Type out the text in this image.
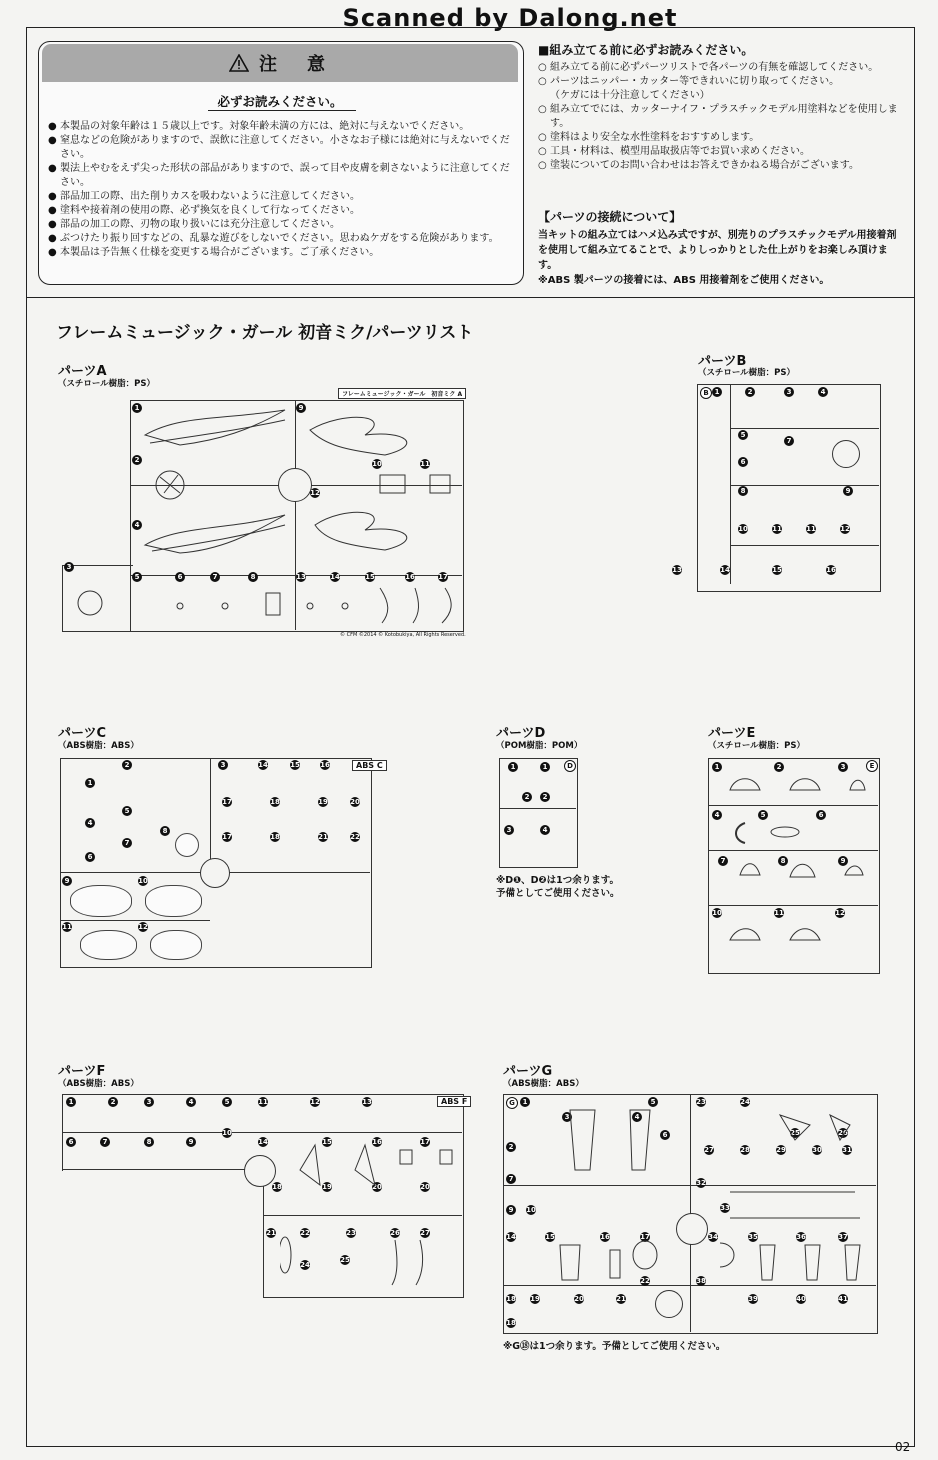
Scanned by Dalong.net
注　意
必ずお読みください。
● 本製品の対象年齢は１５歳以上です。対象年齢未満の方には、絶対に与えないでください。
● 窒息などの危険がありますので、誤飲に注意してください。小さなお子様には絶対に与えないでください。
● 製法上やむをえず尖った形状の部品がありますので、誤って目や皮膚を刺さないように注意してください。
● 部品加工の際、出た削りカスを吸わないように注意してください。
● 塗料や接着剤の使用の際、必ず換気を良くして行なってください。
● 部品の加工の際、刃物の取り扱いには充分注意してください。
● ぶつけたり振り回すなどの、乱暴な遊びをしないでください。思わぬケガをする危険があります。
● 本製品は予告無く仕様を変更する場合がございます。ご了承ください。
■組み立てる前に必ずお読みください。
○ 組み立てる前に必ずパーツリストで各パーツの有無を確認してください。
○ パーツはニッパー・カッター等できれいに切り取ってください。
（ケガには十分注意してください）
○ 組み立てでには、カッターナイフ・プラスチックモデル用塗料などを使用します。
○ 塗料はより安全な水性塗料をおすすめします。
○ 工具・材料は、模型用品取扱店等でお買い求めください。
○ 塗装についてのお問い合わせはお答えできかねる場合がございます。
【パーツの接続について】
当キットの組み立てはハメ込み式ですが、別売りのプラスチックモデル用接着剤を使用して組み立てることで、よりしっかりとした仕上がりをお楽しみ頂けます。
※ABS 製パーツの接着には、ABS 用接着剤をご使用ください。
フレームミュージック・ガール 初音ミク/パーツリスト
パーツA
（スチロール樹脂：PS）
フレームミュージック・ガール　初音ミク A
© CFM ©2014 © Kotobukiya, All Rights Reserved.
1
2
4
3
5	6	7	8
9
10	11
12
13	14	15	16	17
パーツB
（スチロール樹脂：PS）
B 1	2	3	4
5
6
7
8	9
10	11	11	12
13	14	15	16
パーツC
（ABS樹脂：ABS）
ABS C
1
2	3
4
5
6
7
8
9	10
11	12
14	15	16
17	18	19	20
17	18	21	22
パーツD
（POM樹脂：POM）
D
1	1
2	2
3	4
※D❶、D❷は1つ余ります。
予備としてご使用ください。
パーツE
（スチロール樹脂：PS）
E
1	2	3
4	5	6
7	8	9
10	11	12
パーツF
（ABS樹脂：ABS）
ABS F
1	2	3	4	5
6	7	8	9
10
11	12	13
14	15	16	17
18	19	20	20
21	22	23	26	27
24
25
パーツG
（ABS樹脂：ABS）
G	1
2
3	4
5
6
7
9	10
23	24
25	26
27	28	29	30	31
32
33
14	15	16	17	34	35	36	37
18 19	20	21
22	38
39	40	41
18
※G⑱は1つ余ります。予備としてご使用ください。
02
